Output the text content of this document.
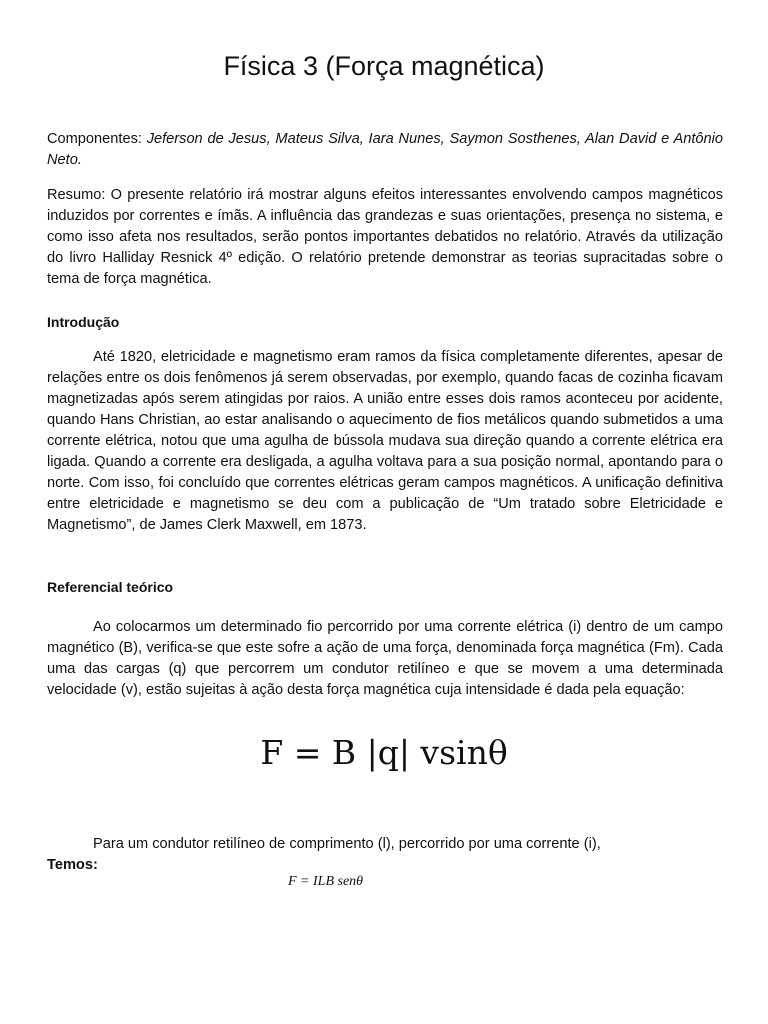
Física 3 (Força magnética)

Componentes: Jeferson de Jesus, Mateus Silva, Iara Nunes, Saymon Sosthenes, Alan David e Antônio Neto.

Resumo: O presente relatório irá mostrar alguns efeitos interessantes envolvendo campos magnéticos induzidos por correntes e ímãs. A influência das grandezas e suas orientações, presença no sistema, e como isso afeta nos resultados, serão pontos importantes debatidos no relatório. Através da utilização do livro Halliday Resnick 4º edição. O relatório pretende demonstrar as teorias supracitadas sobre o tema de força magnética.

Introdução

Até 1820, eletricidade e magnetismo eram ramos da física completamente diferentes, apesar de relações entre os dois fenômenos já serem observadas, por exemplo, quando facas de cozinha ficavam magnetizadas após serem atingidas por raios. A união entre esses dois ramos aconteceu por acidente, quando Hans Christian, ao estar analisando o aquecimento de fios metálicos quando submetidos a uma corrente elétrica, notou que uma agulha de bússola mudava sua direção quando a corrente elétrica era ligada. Quando a corrente era desligada, a agulha voltava para a sua posição normal, apontando para o norte. Com isso, foi concluído que correntes elétricas geram campos magnéticos. A unificação definitiva entre eletricidade e magnetismo se deu com a publicação de “Um tratado sobre Eletricidade e Magnetismo”, de James Clerk Maxwell, em 1873.

Referencial teórico

Ao colocarmos um determinado fio percorrido por uma corrente elétrica (i) dentro de um campo magnético (B), verifica-se que este sofre a ação de uma força, denominada força magnética (Fm). Cada uma das cargas (q) que percorrem um condutor retilíneo e que se movem a uma determinada velocidade (v), estão sujeitas à ação desta força magnética cuja intensidade é dada pela equação:

F = B |q| vsinθ

Para um condutor retilíneo de comprimento (l), percorrido por uma corrente (i),

Temos:
F = ILB senθ
